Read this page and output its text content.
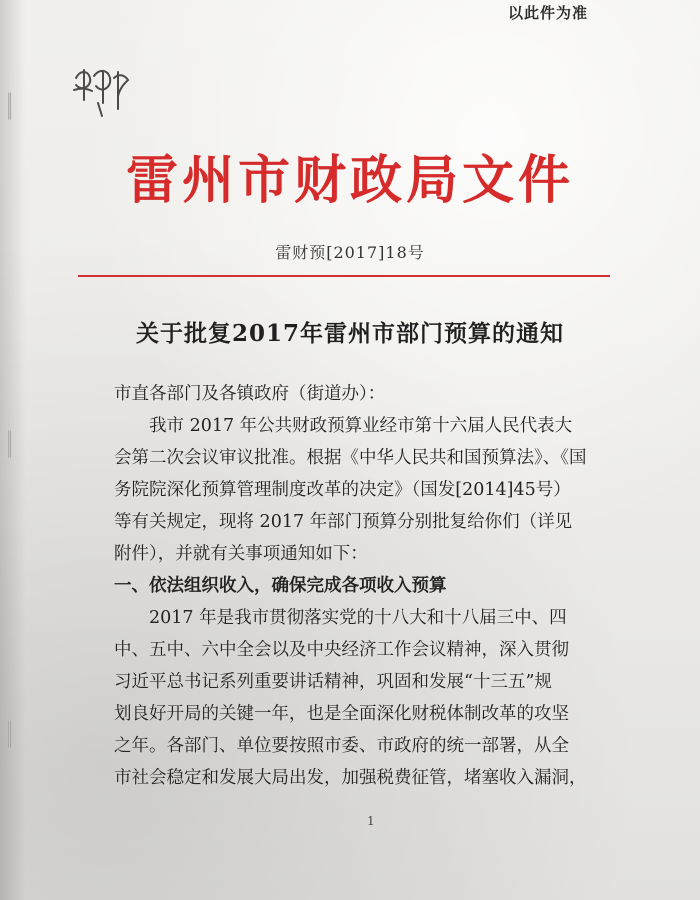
以此件为准
雷州市财政局文件
雷财预[2017]18号
关于批复2017年雷州市部门预算的通知

市直各部门及各镇政府（街道办）：

我市 2017 年公共财政预算业经市第十六届人民代表大

会第二次会议审议批准。根据《中华人民共和国预算法》、《国

务院院深化预算管理制度改革的决定》（国发[2014]45号）

等有关规定，现将 2017 年部门预算分别批复给你们（详见

附件），并就有关事项通知如下：

一、依法组织收入，确保完成各项收入预算

2017 年是我市贯彻落实党的十八大和十八届三中、四

中、五中、六中全会以及中央经济工作会议精神，深入贯彻

习近平总书记系列重要讲话精神，巩固和发展“十三五”规

划良好开局的关键一年，也是全面深化财税体制改革的攻坚

之年。各部门、单位要按照市委、市政府的统一部署，从全

市社会稳定和发展大局出发，加强税费征管，堵塞收入漏洞，

1
